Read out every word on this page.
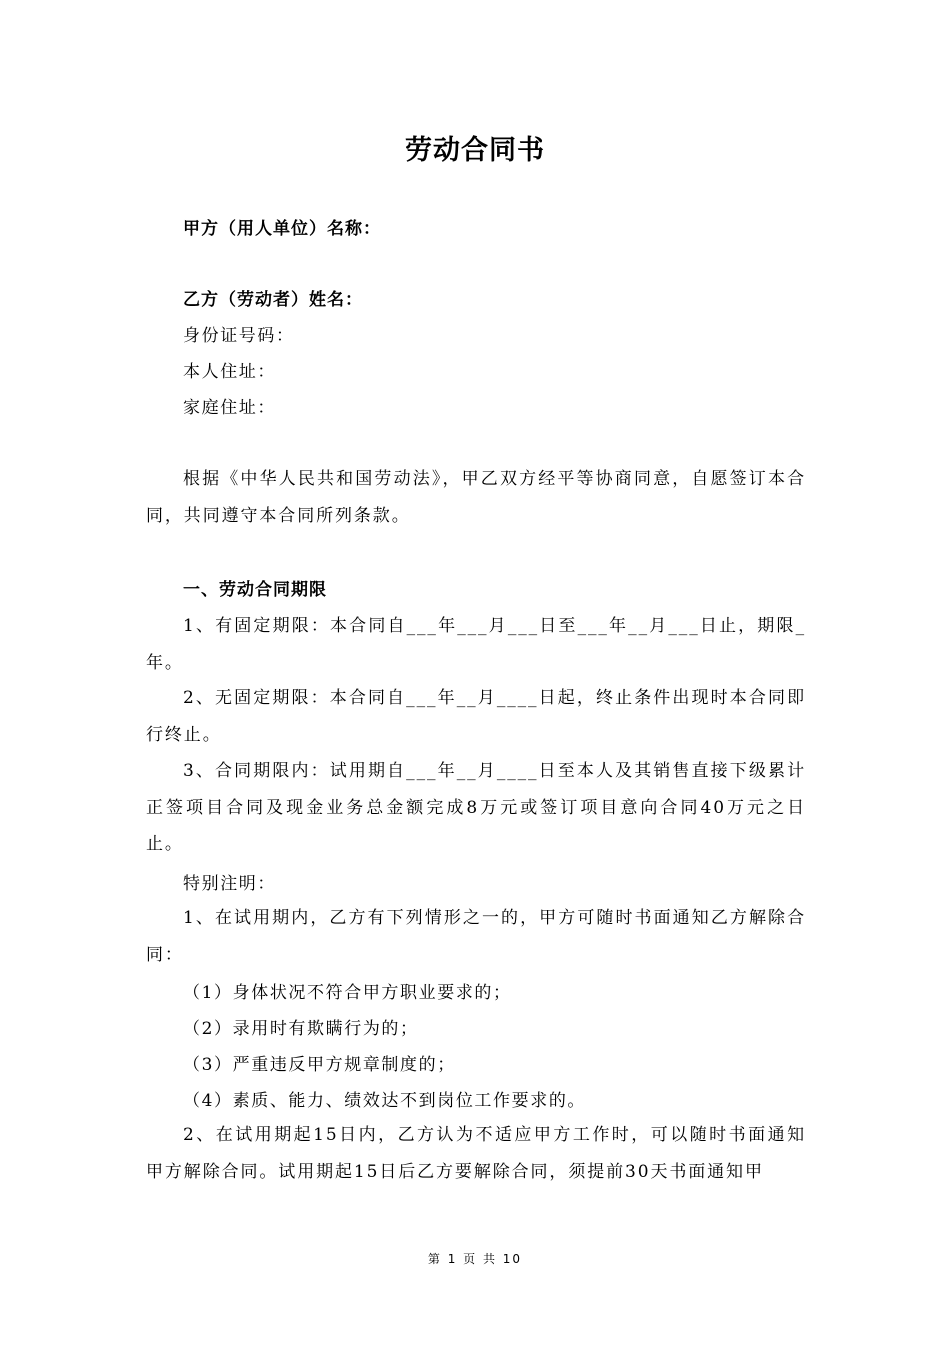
劳动合同书
甲方（用人单位）名称：
乙方（劳动者）姓名：
身份证号码：
本人住址：
家庭住址：

根据《中华人民共和国劳动法》，甲乙双方经平等协商同意，自愿签订本合同，共同遵守本合同所列条款。

一、劳动合同期限

1、有固定期限：本合同自___年___月___日至___年__月___日止，期限_年。

2、无固定期限：本合同自___年__月____日起，终止条件出现时本合同即行终止。

3、合同期限内：试用期自___年__月____日至本人及其销售直接下级累计正签项目合同及现金业务总金额完成8万元或签订项目意向合同40万元之日止。

特别注明：

1、在试用期内，乙方有下列情形之一的，甲方可随时书面通知乙方解除合同：

（1）身体状况不符合甲方职业要求的；
（2）录用时有欺瞒行为的；
（3）严重违反甲方规章制度的；
（4）素质、能力、绩效达不到岗位工作要求的。

2、在试用期起15日内，乙方认为不适应甲方工作时，可以随时书面通知甲方解除合同。试用期起15日后乙方要解除合同，须提前30天书面通知甲

第 1 页 共 10
